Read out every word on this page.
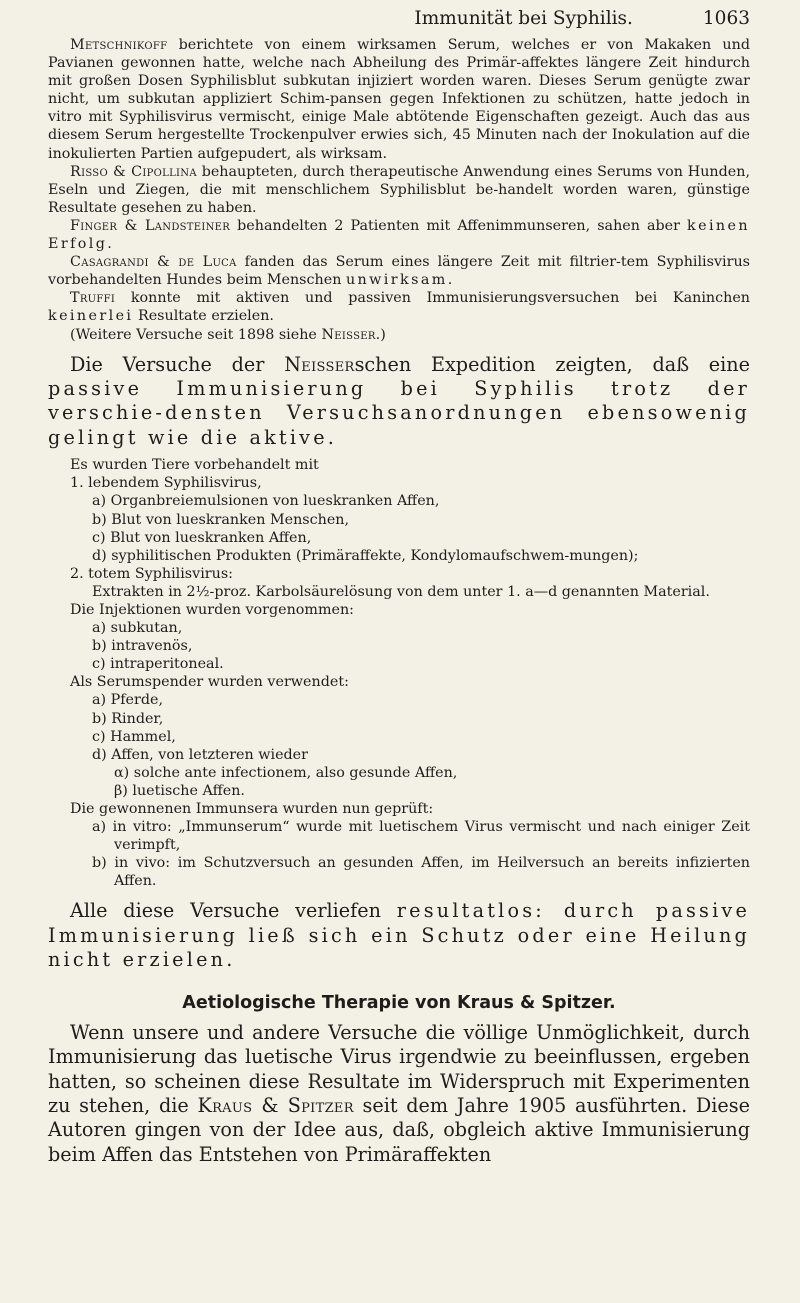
Immunität bei Syphilis.	1063

Metschnikoff berichtete von einem wirksamen Serum, welches er von Makaken und Pavianen gewonnen hatte, welche nach Abheilung des Primär-affektes längere Zeit hindurch mit großen Dosen Syphilisblut subkutan injiziert worden waren. Dieses Serum genügte zwar nicht, um subkutan appliziert Schim-pansen gegen Infektionen zu schützen, hatte jedoch in vitro mit Syphilisvirus vermischt, einige Male abtötende Eigenschaften gezeigt. Auch das aus diesem Serum hergestellte Trockenpulver erwies sich, 45 Minuten nach der Inokulation auf die inokulierten Partien aufgepudert, als wirksam.

Risso & Cipollina behaupteten, durch therapeutische Anwendung eines Serums von Hunden, Eseln und Ziegen, die mit menschlichem Syphilisblut be-handelt worden waren, günstige Resultate gesehen zu haben.

Finger & Landsteiner behandelten 2 Patienten mit Affenimmunseren, sahen aber keinen Erfolg.

Casagrandi & de Luca fanden das Serum eines längere Zeit mit filtrier-tem Syphilisvirus vorbehandelten Hundes beim Menschen unwirksam.

Truffi konnte mit aktiven und passiven Immunisierungsversuchen bei Kaninchen keinerlei Resultate erzielen.

(Weitere Versuche seit 1898 siehe Neisser.)

Die Versuche der Neisserschen Expedition zeigten, daß eine passive Immunisierung bei Syphilis trotz der verschie-densten Versuchsanordnungen ebensowenig gelingt wie die aktive.

Es wurden Tiere vorbehandelt mit
1. lebendem Syphilisvirus,
a) Organbreiemulsionen von lueskranken Affen,
b) Blut von lueskranken Menschen,
c) Blut von lueskranken Affen,
d) syphilitischen Produkten (Primäraffekte, Kondylomaufschwem-mungen);
2. totem Syphilisvirus:
Extrakten in 2½-proz. Karbolsäurelösung von dem unter 1. a—d genannten Material.
Die Injektionen wurden vorgenommen:
a) subkutan,
b) intravenös,
c) intraperitoneal.
Als Serumspender wurden verwendet:
a) Pferde,
b) Rinder,
c) Hammel,
d) Affen, von letzteren wieder
α) solche ante infectionem, also gesunde Affen,
β) luetische Affen.
Die gewonnenen Immunsera wurden nun geprüft:
a) in vitro: „Immunserum“ wurde mit luetischem Virus vermischt und nach einiger Zeit verimpft,
b) in vivo: im Schutzversuch an gesunden Affen, im Heilversuch an bereits infizierten Affen.

Alle diese Versuche verliefen resultatlos: durch passive Immunisierung ließ sich ein Schutz oder eine Heilung nicht erzielen.

Aetiologische Therapie von Kraus & Spitzer.

Wenn unsere und andere Versuche die völlige Unmöglichkeit, durch Immunisierung das luetische Virus irgendwie zu beeinflussen, ergeben hatten, so scheinen diese Resultate im Widerspruch mit Experimenten zu stehen, die Kraus & Spitzer seit dem Jahre 1905 ausführten. Diese Autoren gingen von der Idee aus, daß, obgleich aktive Immunisierung beim Affen das Entstehen von Primäraffekten
